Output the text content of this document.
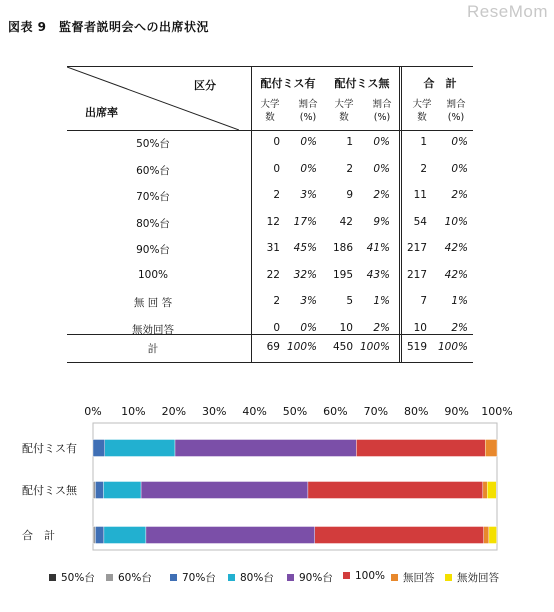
図表 9　監督者説明会への出席状況
ReseMom
区分
出席率
配付ミス有	配付ミス無	合　計
大学
数
割合
(%)
大学
数
割合
(%)
大学
数
割合
(%)
50%台	0 0%	1 0%	1 0%
60%台	0 0%	2 0%	2 0%
70%台	2 3%	9 2% 11 2%
80%台	12 17% 42 9% 54 10%
90%台	31 45% 186 41% 217 42%
100%	22 32% 195 43% 217 42%
無 回 答	2 3%	5 1%	7 1%
無効回答	0 0% 10 2% 10 2%
計	69 100% 450 100% 519 100%
0% 10% 20% 30% 40% 50% 60% 70% 80% 90% 100%
配付ミス有
配付ミス無
合　計
50%台	60%台	70%台	80%台	90%台	100%	無回答	無効回答
